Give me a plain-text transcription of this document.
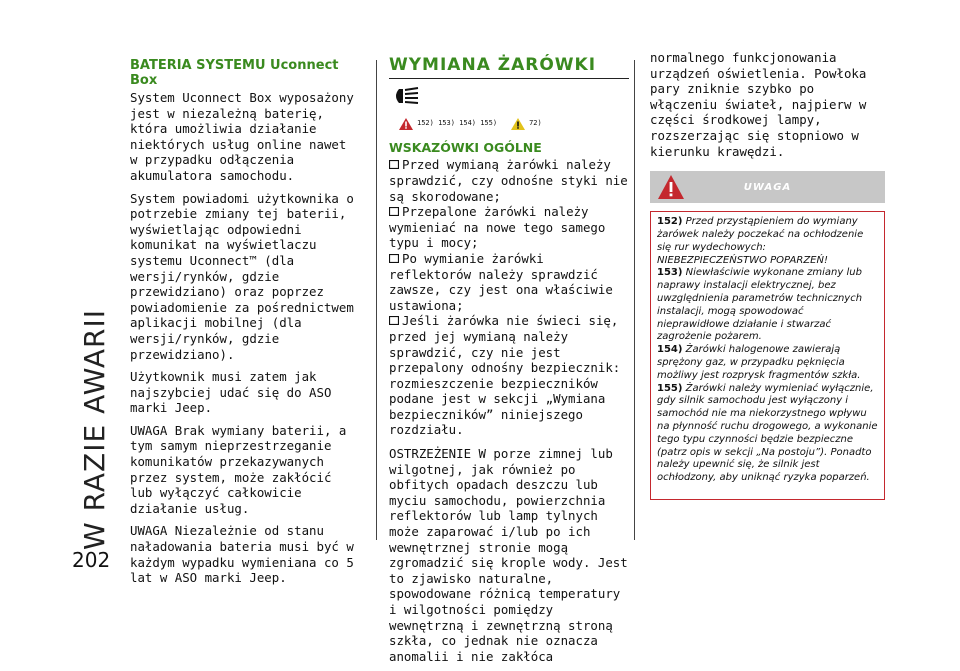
W RAZIE AWARII
202
BATERIA SYSTEMU Uconnect Box

System Uconnect Box wyposażony jest w niezależną baterię, która umożliwia działanie niektórych usług online nawet w przypadku odłączenia akumulatora samochodu.

System powiadomi użytkownika o potrzebie zmiany tej baterii, wyświetlając odpowiedni komunikat na wyświetlaczu systemu Uconnect™ (dla wersji/rynków, gdzie przewidziano) oraz poprzez powiadomienie za pośrednictwem aplikacji mobilnej (dla wersji/rynków, gdzie przewidziano).

Użytkownik musi zatem jak najszybciej udać się do ASO marki Jeep.

UWAGA Brak wymiany baterii, a tym samym nieprzestrzeganie komunikatów przekazywanych przez system, może zakłócić lub wyłączyć całkowicie działanie usług.

UWAGA Niezależnie od stanu naładowania bateria musi być w każdym wypadku wymieniana co 5 lat w ASO marki Jeep.

WYMIANA ŻARÓWKI
152) 153) 154) 155)	72)
WSKAZÓWKI OGÓLNE
Przed wymianą żarówki należy sprawdzić, czy odnośne styki nie są skorodowane;
Przepalone żarówki należy wymieniać na nowe tego samego typu i mocy;
Po wymianie żarówki reflektorów należy sprawdzić zawsze, czy jest ona właściwie ustawiona;
Jeśli żarówka nie świeci się, przed jej wymianą należy sprawdzić, czy nie jest przepalony odnośny bezpiecznik: rozmieszczenie bezpieczników podane jest w sekcji „Wymiana bezpieczników” niniejszego rozdziału.

OSTRZEŻENIE W porze zimnej lub wilgotnej, jak również po obfitych opadach deszczu lub myciu samochodu, powierzchnia reflektorów lub lamp tylnych może zaparować i/lub po ich wewnętrznej stronie mogą zgromadzić się krople wody. Jest to zjawisko naturalne, spowodowane różnicą temperatury i wilgotności pomiędzy wewnętrzną i zewnętrzną stroną szkła, co jednak nie oznacza anomalii i nie zakłóca

normalnego funkcjonowania urządzeń oświetlenia. Powłoka pary zniknie szybko po włączeniu świateł, najpierw w części środkowej lampy, rozszerzając się stopniowo w kierunku krawędzi.

UWAGA

152) Przed przystąpieniem do wymiany żarówek należy poczekać na ochłodzenie się rur wydechowych: NIEBEZPIECZEŃSTWO POPARZEŃ!

153) Niewłaściwie wykonane zmiany lub naprawy instalacji elektrycznej, bez uwzględnienia parametrów technicznych instalacji, mogą spowodować nieprawidłowe działanie i stwarzać zagrożenie pożarem.

154) Żarówki halogenowe zawierają sprężony gaz, w przypadku pęknięcia możliwy jest rozprysk fragmentów szkła.

155) Żarówki należy wymieniać wyłącznie, gdy silnik samochodu jest wyłączony i samochód nie ma niekorzystnego wpływu na płynność ruchu drogowego, a wykonanie tego typu czynności będzie bezpieczne (patrz opis w sekcji „Na postoju”). Ponadto należy upewnić się, że silnik jest ochłodzony, aby uniknąć ryzyka poparzeń.
